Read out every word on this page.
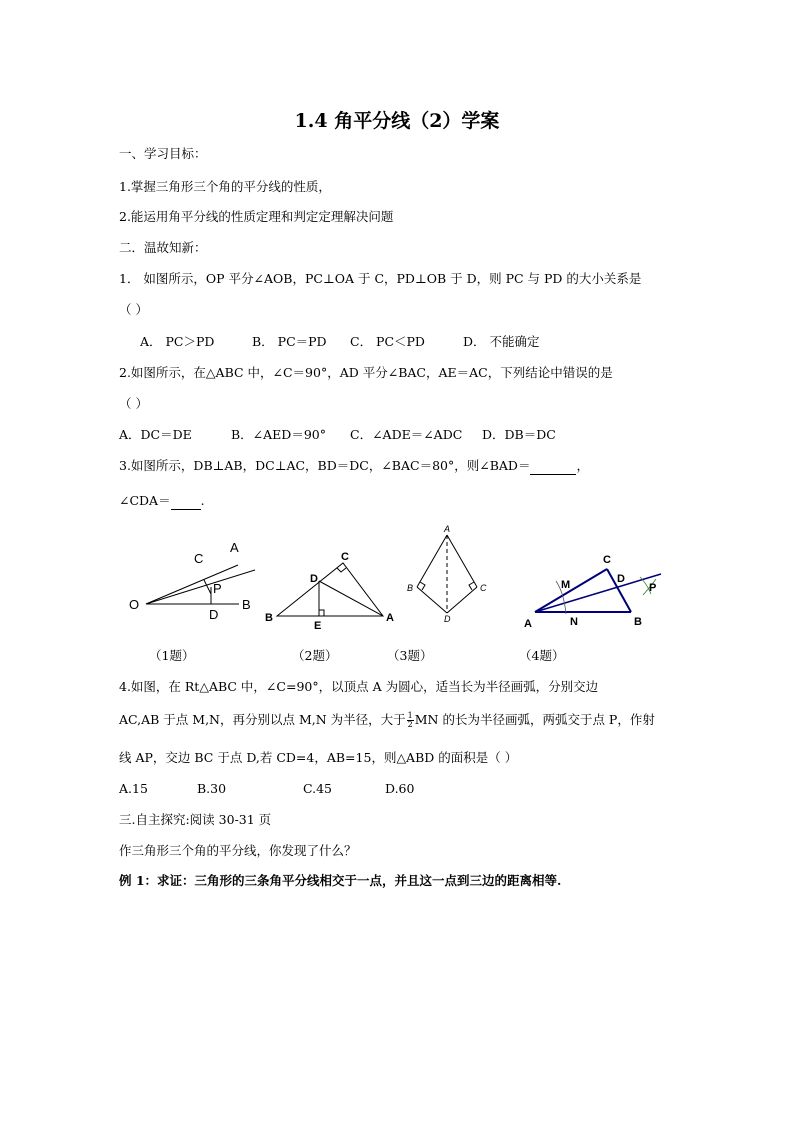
1.4 角平分线（2）学案
一、学习目标：
1.掌握三角形三个角的平分线的性质，
2.能运用角平分线的性质定理和判定定理解决问题
二．温故知新：
1． 如图所示，OP 平分∠AOB，PC⊥OA 于 C，PD⊥OB 于 D，则 PC 与 PD 的大小关系是
（ ）
A． PC＞PD	B． PC＝PD C． PC＜PD	D． 不能确定
2.如图所示，在△ABC 中，∠C＝90°，AD 平分∠BAC，AE＝AC，下列结论中错误的是
（ ）
A．DC＝DE	B．∠AED＝90° C．∠ADE＝∠ADC D．DB＝DC
3.如图所示，DB⊥AB，DC⊥AC，BD＝DC，∠BAC＝80°，则∠BAD＝	，
∠CDA＝ .
A
C
P
O
D
B
C
D
B
E
A
A
B	C
D
C
M	D
P
A	N	B
（1题）	（2题）	（3题）	（4题）
4.如图，在 Rt△ABC 中，∠C=90°，以顶点 A 为圆心，适当长为半径画弧，分别交边
AC,AB 于点 M,N，再分别以点 M,N 为半径，大于 $\frac{1}{2}$ MN 的长为半径画弧，两弧交于点 P，作射
线 AP，交边 BC 于点 D,若 CD=4，AB=15，则△ABD 的面积是（ ）
A.15	B.30	C.45	D.60
三.自主探究:阅读 30-31 页
作三角形三个角的平分线，你发现了什么？
例 1：求证：三角形的三条角平分线相交于一点，并且这一点到三边的距离相等.
